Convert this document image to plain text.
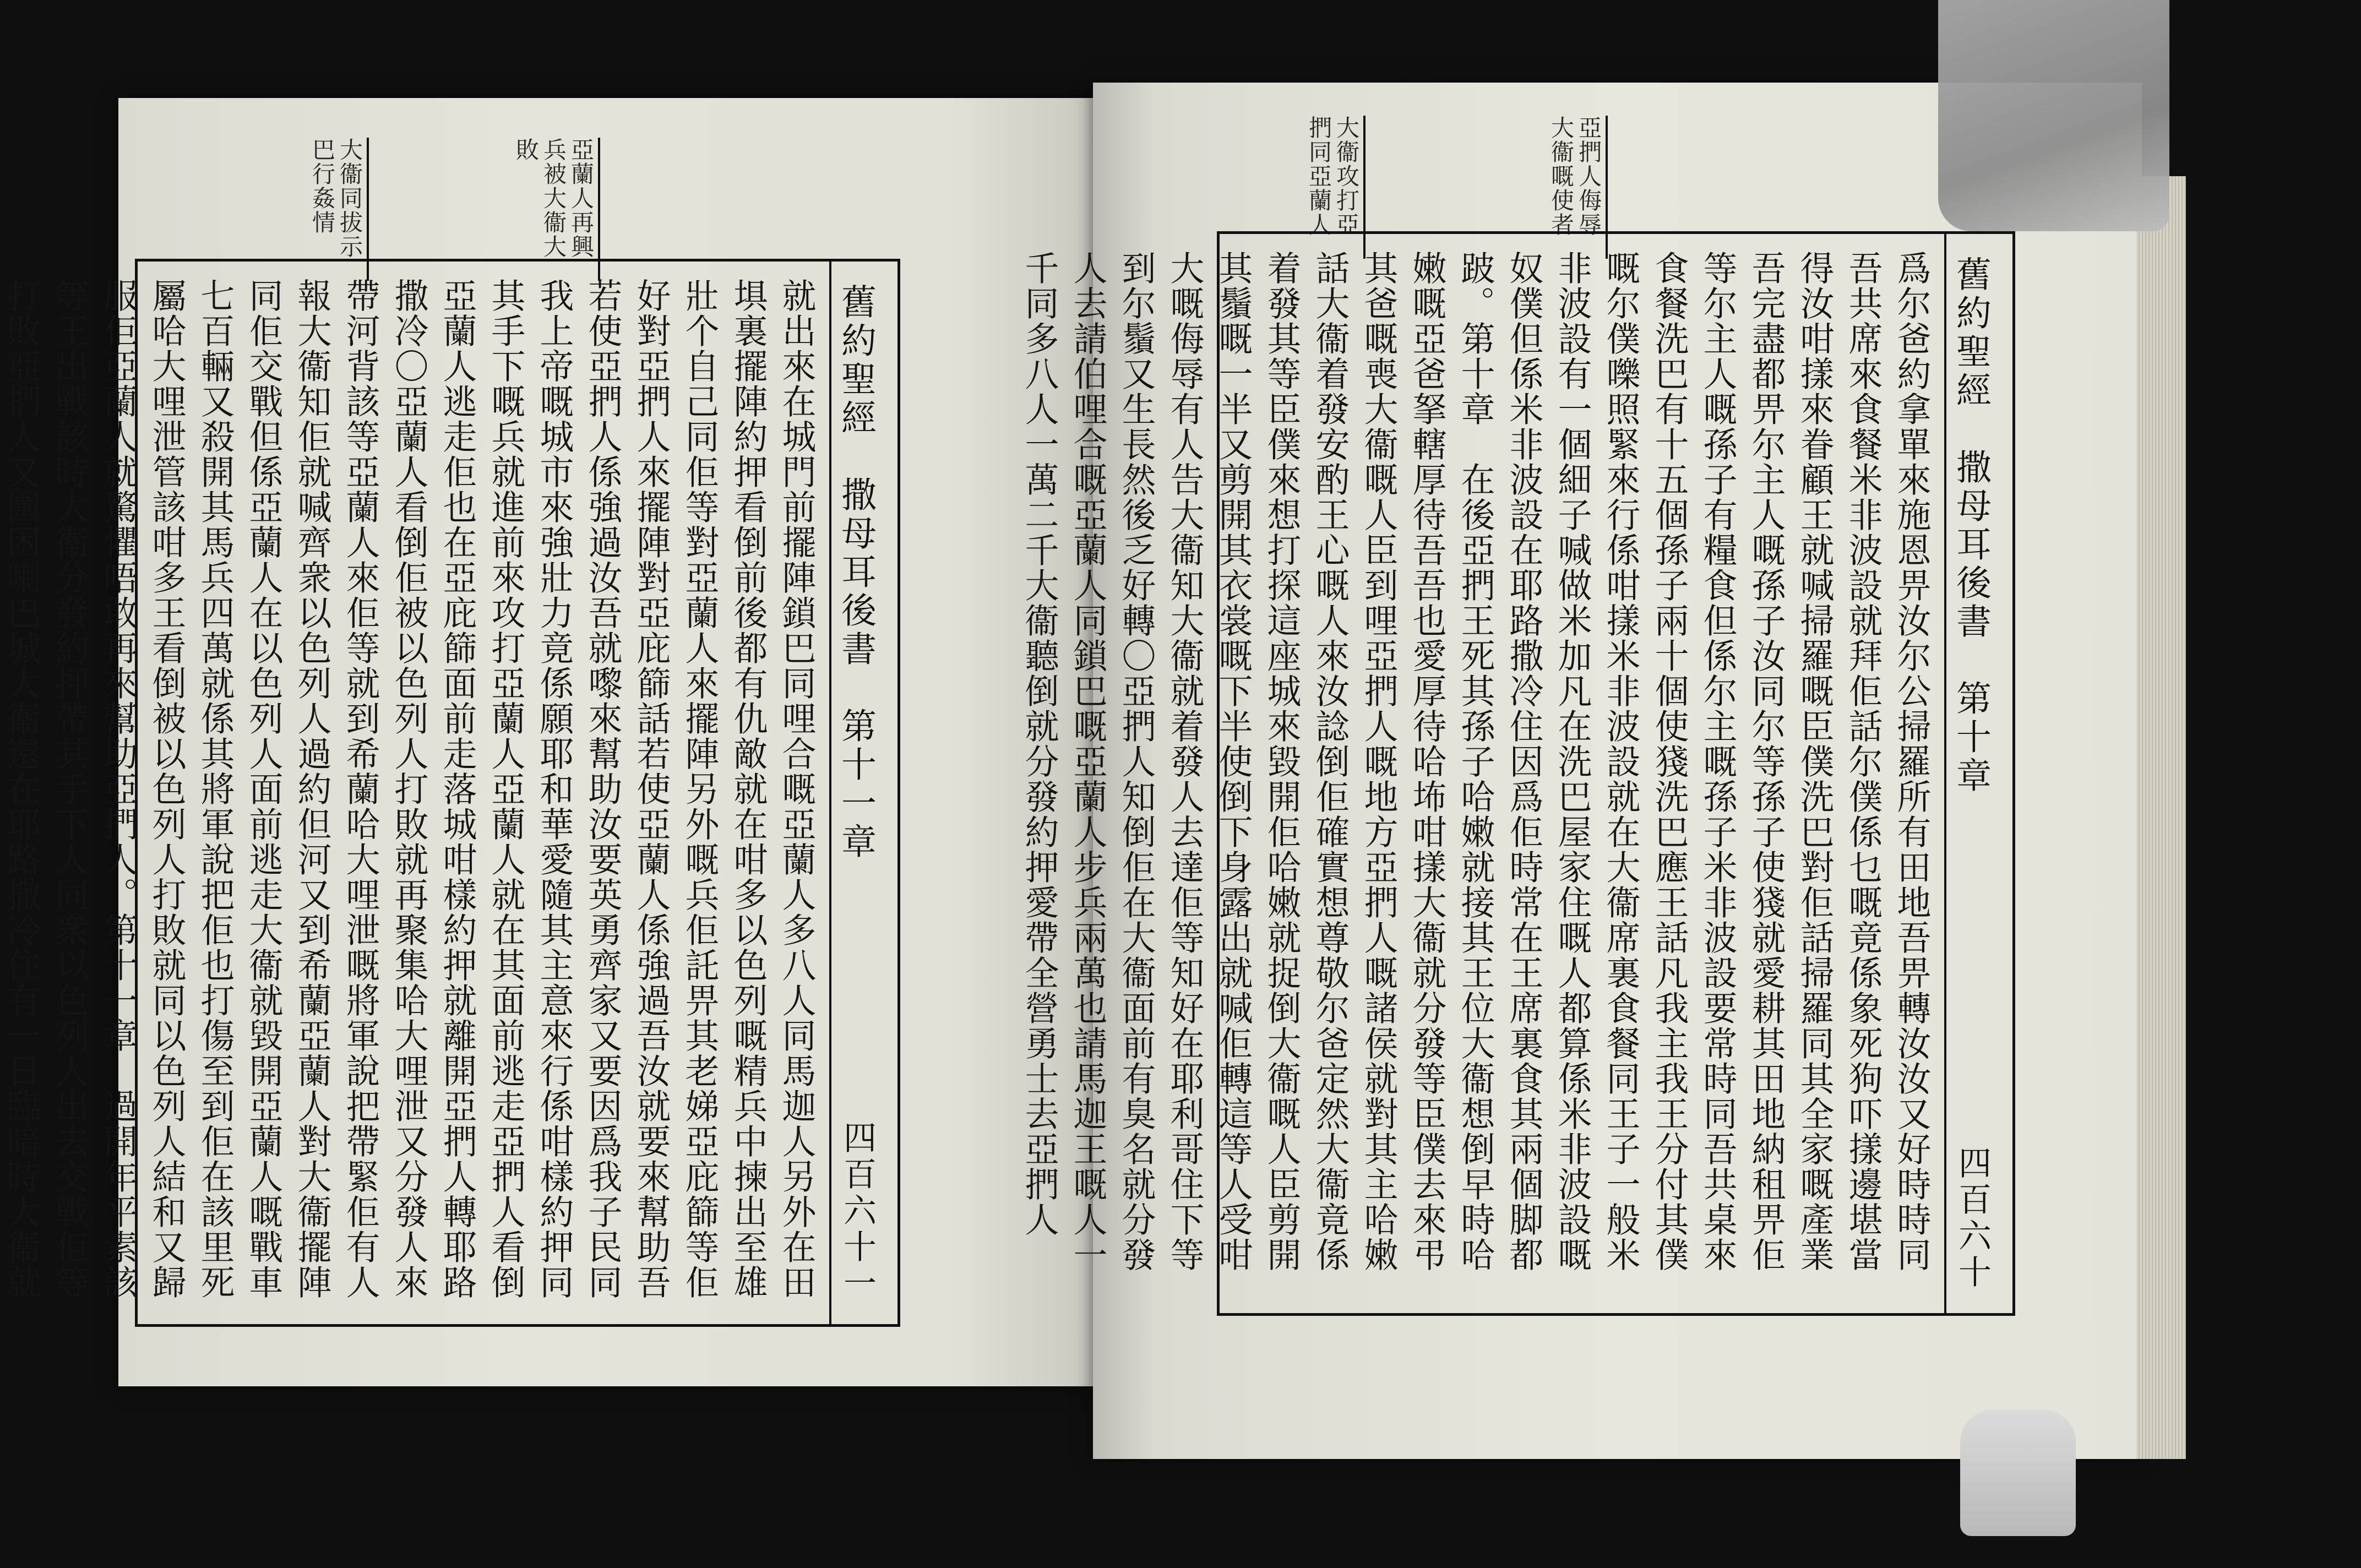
亞蘭人再興兵被大衞大敗
大衞同拔示巴行姦情	亞捫人侮辱大衞嘅使者
大衞攻打亞捫同亞蘭人
舊約聖經　撒母耳後書　第十一章
四百六十一
就出來在城門前擺陣鎖巴同哩合嘅亞蘭人多八人同馬迦人另外在田埧裏擺陣約押看倒前後都有仇敵就在咁多以色列嘅精兵中揀出至雄壯个自己同佢等對亞蘭人來擺陣另外嘅兵佢託畀其老娣亞庇篩等佢好對亞捫人來擺陣對亞庇篩話若使亞蘭人係強過吾汝就要來幫助吾若使亞捫人係強過汝吾就嚟來幫助汝要英勇齊家又要因爲我子民同我上帝嘅城市來強壯力竟係願耶和華愛隨其主意來行係咁樣約押同其手下嘅兵就進前來攻打亞蘭人亞蘭人就在其面前逃走亞捫人看倒亞蘭人逃走佢也在亞庇篩面前走落城咁樣約押就離開亞捫人轉耶路撒冷〇亞蘭人看倒佢被以色列人打敗就再聚集哈大哩泄又分發人來帶河背該等亞蘭人來佢等就到希蘭哈大哩泄嘅將軍說把帶緊佢有人報大衞知佢就喊齊衆以色列人過約但河又到希蘭亞蘭人對大衞擺陣同佢交戰但係亞蘭人在以色列人面前逃走大衞就毀開亞蘭人嘅戰車七百輛又殺開其馬兵四萬就係其將軍說把佢也打傷至到佢在該里死屬哈大哩泄管該咁多王看倒被以色列人打敗就同以色列人結和又歸服佢亞蘭人就驚懼唔敢再來幫助亞捫人。第十一章　過開年平素該等王出戰該時大衞分發約押帶其手下人同衆以色列人出去交戰佢等打敗亞捫人又圍困喇巴城大衞還在耶路撒冷住有一日臨暗時大衞就
舊約聖經　撒母耳後書　第十章
四百六十
爲尔爸約拿單來施恩畀汝尔公掃羅所有田地吾畀轉汝汝又好時時同吾共席來食餐米非波設就拜佢話尔僕係乜嘅竟係象死狗吓㨾邊堪當得汝咁㨾來眷顧王就喊掃羅嘅臣僕洗巴對佢話掃羅同其全家嘅產業吾完盡都畀尔主人嘅孫子汝同尔等孫子使㹽就愛耕其田地納租畀佢等尔主人嘅孫子有糧食但係尔主嘅孫子米非波設要常時同吾共桌來食餐洗巴有十五個孫子兩十個使㹽洗巴應王話凡我主我王分付其僕嘅尔僕嚛照緊來行係咁㨾米非波設就在大衞席裏食餐同王子一般米非波設有一個細子喊做米加凡在洗巴屋家住嘅人都算係米非波設嘅奴僕但係米非波設在耶路撒冷住因爲佢時常在王席裏食其兩個脚都跛。第十章　在後亞捫王死其孫子哈嫩就接其王位大衞想倒早時哈嫩嘅亞爸拏轄厚待吾吾也愛厚待哈㘵咁㨾大衞就分發等臣僕去來弔其爸嘅喪大衞嘅人臣到哩亞捫人嘅地方亞捫人嘅諸侯就對其主哈嫩話大衞着發安酌王心嘅人來汝諗倒佢確實想尊敬尔爸定然大衞竟係着發其等臣僕來想打探這座城來毀開佢哈嫩就捉倒大衞嘅人臣剪開其鬚嘅一半又剪開其衣裳嘅下半使倒下身露出就喊佢轉這等人受咁大嘅侮辱有人告大衞知大衞就着發人去達佢等知好在耶利哥住下等到尔鬚又生長然後乏好轉〇亞捫人知倒佢在大衞面前有臭名就分發人去請伯哩合嘅亞蘭人同鎖巴嘅亞蘭人步兵兩萬也請馬迦王嘅人一千同多八人一萬二千大衞聽倒就分發約押愛帶全營勇士去亞捫人
